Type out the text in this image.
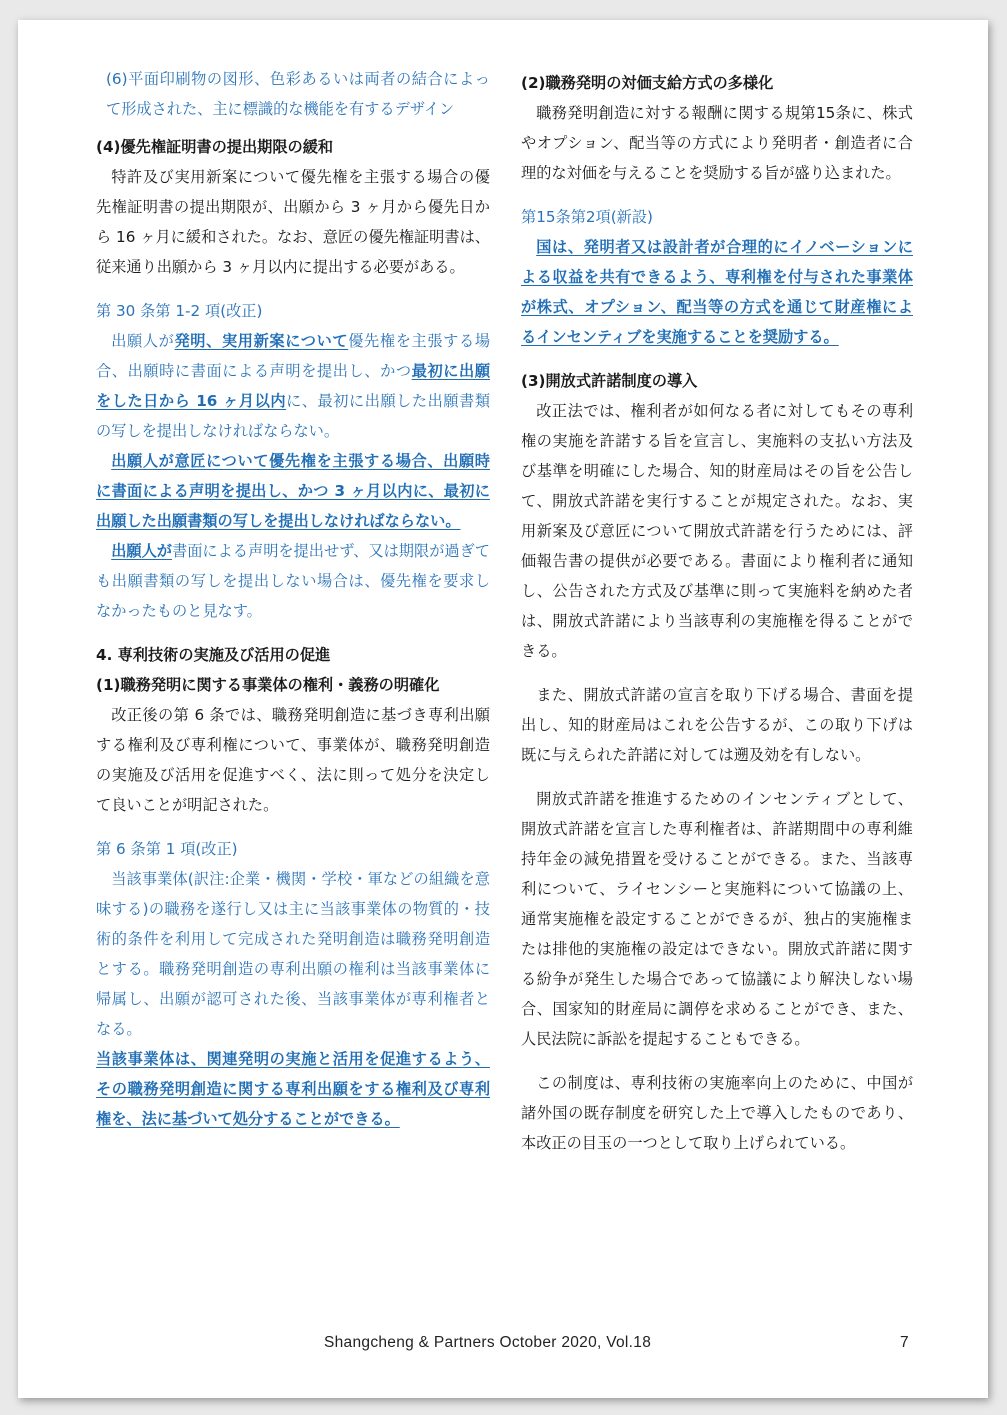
(6)平面印刷物の図形、色彩あるいは両者の結合によって形成された、主に標識的な機能を有するデザイン
(4)優先権証明書の提出期限の緩和
特許及び実用新案について優先権を主張する場合の優先権証明書の提出期限が、出願から 3 ヶ月から優先日から 16 ヶ月に緩和された。なお、意匠の優先権証明書は、従来通り出願から 3 ヶ月以内に提出する必要がある。
第 30 条第 1-2 項(改正)
出願人が発明、実用新案について優先権を主張する場合、出願時に書面による声明を提出し、かつ最初に出願をした日から 16 ヶ月以内に、最初に出願した出願書類の写しを提出しなければならない。
出願人が意匠について優先権を主張する場合、出願時に書面による声明を提出し、かつ 3 ヶ月以内に、最初に出願した出願書類の写しを提出しなければならない。
出願人が書面による声明を提出せず、又は期限が過ぎても出願書類の写しを提出しない場合は、優先権を要求しなかったものと見なす。
4. 専利技術の実施及び活用の促進
(1)職務発明に関する事業体の権利・義務の明確化
改正後の第 6 条では、職務発明創造に基づき専利出願する権利及び専利権について、事業体が、職務発明創造の実施及び活用を促進すべく、法に則って処分を決定して良いことが明記された。
第 6 条第 1 項(改正)
当該事業体(訳注:企業・機関・学校・軍などの組織を意味する)の職務を遂行し又は主に当該事業体の物質的・技術的条件を利用して完成された発明創造は職務発明創造とする。職務発明創造の専利出願の権利は当該事業体に帰属し、出願が認可された後、当該事業体が専利権者となる。
当該事業体は、関連発明の実施と活用を促進するよう、その職務発明創造に関する専利出願をする権利及び専利権を、法に基づいて処分することができる。
(2)職務発明の対価支給方式の多様化
職務発明創造に対する報酬に関する規第15条に、株式やオプション、配当等の方式により発明者・創造者に合理的な対価を与えることを奨励する旨が盛り込まれた。
第15条第2項(新設)
国は、発明者又は設計者が合理的にイノベーションによる収益を共有できるよう、専利権を付与された事業体が株式、オプション、配当等の方式を通じて財産権によるインセンティブを実施することを奨励する。
(3)開放式許諾制度の導入
改正法では、権利者が如何なる者に対してもその専利権の実施を許諾する旨を宣言し、実施料の支払い方法及び基準を明確にした場合、知的財産局はその旨を公告して、開放式許諾を実行することが規定された。なお、実用新案及び意匠について開放式許諾を行うためには、評価報告書の提供が必要である。書面により権利者に通知し、公告された方式及び基準に則って実施料を納めた者は、開放式許諾により当該専利の実施権を得ることができる。
また、開放式許諾の宣言を取り下げる場合、書面を提出し、知的財産局はこれを公告するが、この取り下げは既に与えられた許諾に対しては遡及効を有しない。
開放式許諾を推進するためのインセンティブとして、開放式許諾を宣言した専利権者は、許諾期間中の専利維持年金の減免措置を受けることができる。また、当該専利について、ライセンシーと実施料について協議の上、通常実施権を設定することができるが、独占的実施権または排他的実施権の設定はできない。開放式許諾に関する紛争が発生した場合であって協議により解決しない場合、国家知的財産局に調停を求めることができ、また、人民法院に訴訟を提起することもできる。
この制度は、専利技術の実施率向上のために、中国が諸外国の既存制度を研究した上で導入したものであり、本改正の目玉の一つとして取り上げられている。
Shangcheng & Partners October 2020, Vol.18	7
